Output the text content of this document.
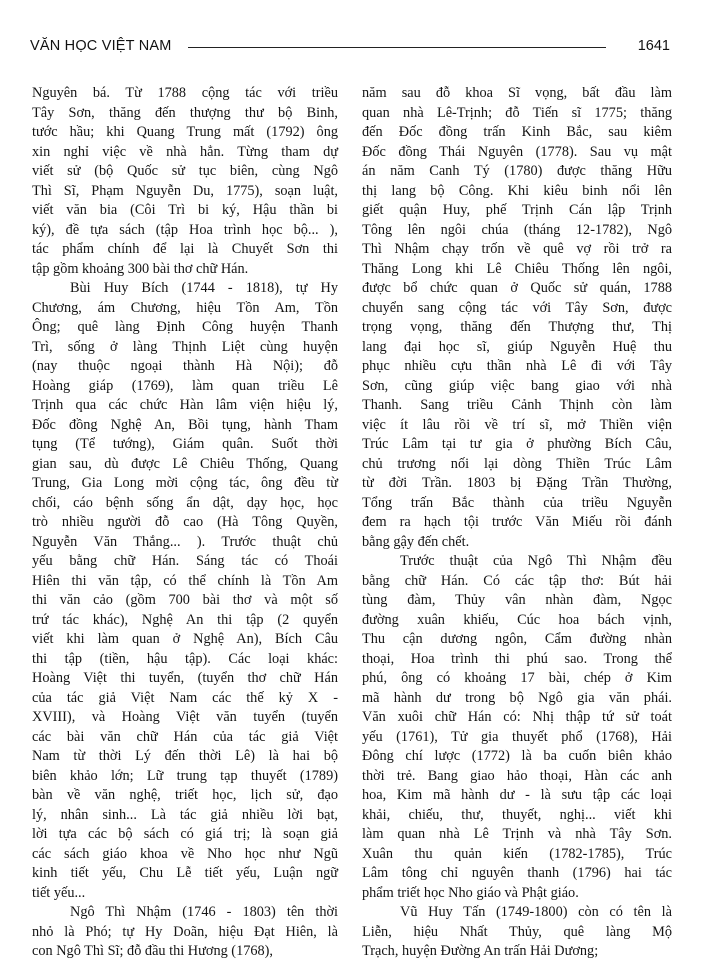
VĂN HỌC VIỆT NAM	1641
Nguyên bá. Từ 1788 cộng tác với triều
Tây Sơn, thăng đến thượng thư bộ Binh,
tước hầu; khi Quang Trung mất (1792) ông
xin nghỉ việc về nhà hẳn. Từng tham dự
viết sử (bộ Quốc sử tục biên, cùng Ngô
Thì Sĩ, Phạm Nguyễn Du, 1775), soạn luật,
viết văn bia (Côi Trì bi ký, Hậu thần bi
ký), đề tựa sách (tập Hoa trình học bộ... ),
tác phẩm chính để lại là Chuyết Sơn thi
tập gồm khoảng 300 bài thơ chữ Hán.
Bùi Huy Bích (1744 - 1818), tự Hy
Chương, ám Chương, hiệu Tồn Am, Tồn
Ông; quê làng Định Công huyện Thanh
Trì, sống ở làng Thịnh Liệt cùng huyện
(nay thuộc ngoại thành Hà Nội); đỗ
Hoàng giáp (1769), làm quan triều Lê
Trịnh qua các chức Hàn lâm viện hiệu lý,
Đốc đồng Nghệ An, Bồi tụng, hành Tham
tụng (Tể tướng), Giám quân. Suốt thời
gian sau, dù được Lê Chiêu Thống, Quang
Trung, Gia Long mời cộng tác, ông đều từ
chối, cáo bệnh sống ẩn dật, dạy học, học
trò nhiều người đỗ cao (Hà Tông Quyền,
Nguyễn Văn Thắng... ). Trước thuật chủ
yếu bằng chữ Hán. Sáng tác có Thoái
Hiên thi văn tập, có thể chính là Tồn Am
thi văn cảo (gồm 700 bài thơ và một số
trứ tác khác), Nghệ An thi tập (2 quyển
viết khi làm quan ở Nghệ An), Bích Câu
thi tập (tiền, hậu tập). Các loại khác:
Hoàng Việt thi tuyển, (tuyển thơ chữ Hán
của tác giả Việt Nam các thế kỷ X -
XVIII), và Hoàng Việt văn tuyển (tuyển
các bài văn chữ Hán của tác giả Việt
Nam từ thời Lý đến thời Lê) là hai bộ
biên khảo lớn; Lữ trung tạp thuyết (1789)
bàn về văn nghệ, triết học, lịch sử, đạo
lý, nhân sinh... Là tác giả nhiều lời bạt,
lời tựa các bộ sách có giá trị; là soạn giả
các sách giáo khoa về Nho học như Ngũ
kinh tiết yếu, Chu Lễ tiết yếu, Luận ngữ
tiết yếu...
Ngô Thì Nhậm (1746 - 1803) tên thời
nhỏ là Phó; tự Hy Doãn, hiệu Đạt Hiên, là
con Ngô Thì Sĩ; đỗ đầu thi Hương (1768),
năm sau đỗ khoa Sĩ vọng, bất đầu làm
quan nhà Lê-Trịnh; đỗ Tiến sĩ 1775; thăng
đến Đốc đồng trấn Kinh Bắc, sau kiêm
Đốc đồng Thái Nguyên (1778). Sau vụ mật
án năm Canh Tý (1780) được thăng Hữu
thị lang bộ Công. Khi kiêu binh nổi lên
giết quận Huy, phế Trịnh Cán lập Trịnh
Tông lên ngôi chúa (tháng 12-1782), Ngô
Thì Nhậm chạy trốn về quê vợ rồi trở ra
Thăng Long khi Lê Chiêu Thống lên ngôi,
được bổ chức quan ở Quốc sử quán, 1788
chuyển sang cộng tác với Tây Sơn, được
trọng vọng, thăng đến Thượng thư, Thị
lang đại học sĩ, giúp Nguyễn Huệ thu
phục nhiều cựu thần nhà Lê đi với Tây
Sơn, cũng giúp việc bang giao với nhà
Thanh. Sang triều Cảnh Thịnh còn làm
việc ít lâu rồi về trí sĩ, mở Thiền viện
Trúc Lâm tại tư gia ở phường Bích Câu,
chủ trương nối lại dòng Thiền Trúc Lâm
từ đời Trần. 1803 bị Đặng Trần Thường,
Tổng trấn Bắc thành của triều Nguyễn
đem ra hạch tội trước Văn Miếu rồi đánh
bằng gậy đến chết.
Trước thuật của Ngô Thì Nhậm đều
bằng chữ Hán. Có các tập thơ: Bút hải
tùng đàm, Thủy vân nhàn đàm, Ngọc
đường xuân khiếu, Cúc hoa bách vịnh,
Thu cận dương ngôn, Cẩm đường nhàn
thoại, Hoa trình thi phú sao. Trong thể
phú, ông có khoảng 17 bài, chép ở Kim
mã hành dư trong bộ Ngô gia văn phái.
Văn xuôi chữ Hán có: Nhị thập tứ sử toát
yếu (1761), Tử gia thuyết phổ (1768), Hải
Đông chí lược (1772) là ba cuốn biên khảo
thời trẻ. Bang giao hảo thoại, Hàn các anh
hoa, Kim mã hành dư - là sưu tập các loại
khải, chiếu, thư, thuyết, nghị... viết khi
làm quan nhà Lê Trịnh và nhà Tây Sơn.
Xuân thu quản kiến (1782-1785), Trúc
Lâm tông chỉ nguyên thanh (1796) hai tác
phẩm triết học Nho giáo và Phật giáo.
Vũ Huy Tấn (1749-1800) còn có tên là
Liễn, hiệu Nhất Thủy, quê làng Mộ
Trạch, huyện Đường An trấn Hải Dương;
